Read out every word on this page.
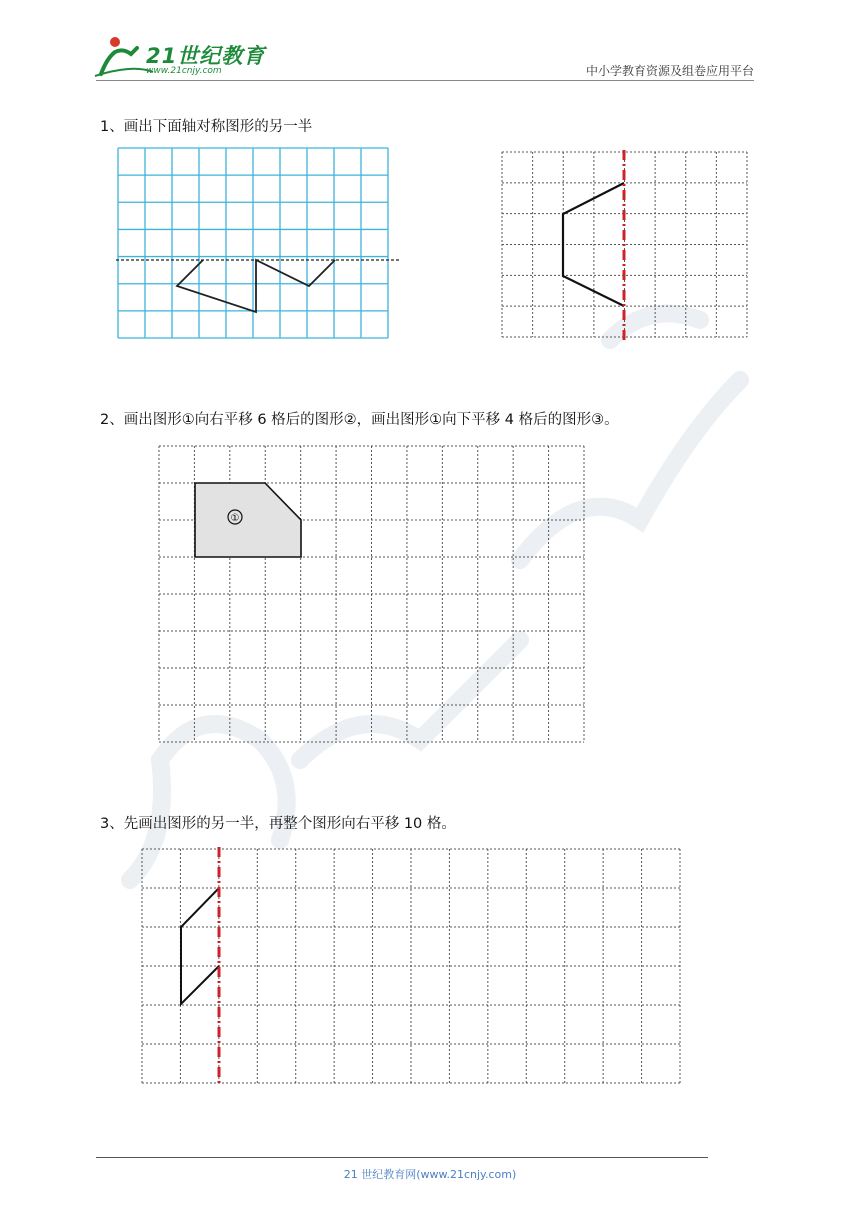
21世纪教育
www.21cnjy.com	中小学教育资源及组卷应用平台
1、画出下面轴对称图形的另一半
2、画出图形①向右平移 6 格后的图形②，画出图形①向下平移 4 格后的图形③。
①
3、先画出图形的另一半，再整个图形向右平移 10 格。
21 世纪教育网(www.21cnjy.com)
